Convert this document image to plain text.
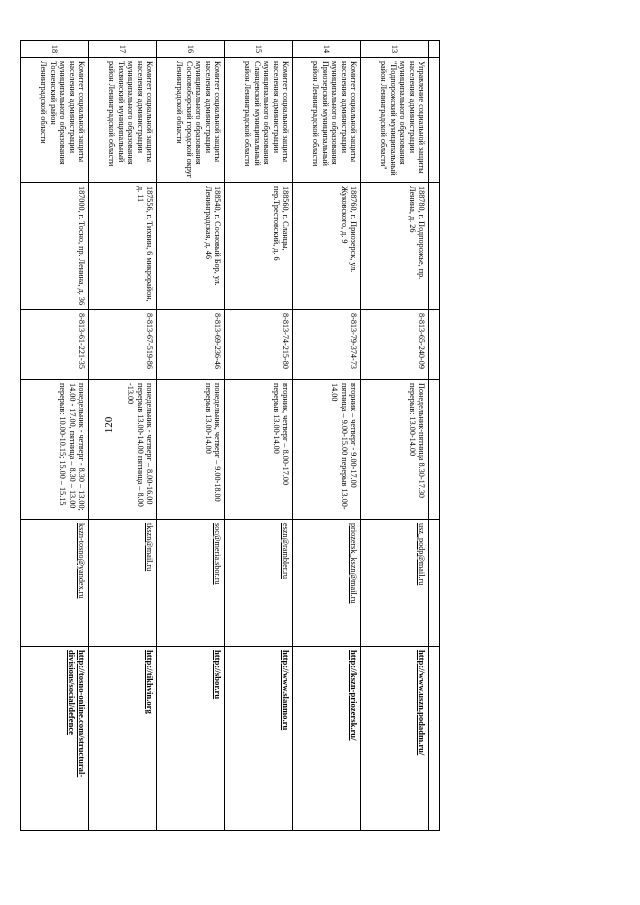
120

13	Управление социальной защиты населения администрации муниципального образования "Подпорожский муниципальный район Ленинградской области"	188780, г. Подпорожье, пр. Ленина, д. 26	8-813-65-240-09	Понедельник-пятница 8.30-17.30 перерыв: 13.00-14.00	usz_podp@mail.ru	http://www.uszn.podadm.ru/
14	Комитет социальной защиты населения администрации муниципального образования Приозерский муниципальный район Ленинградской области	188760, г. Приозерск, ул. Жуковского, д. 9	8-813-79-374-73	вторник – четверг - 9.00-17.00 пятница – 9.00-15.00 перерыв 13.00-14.00	priozersk_kszn@mail.ru	http://kszn-priozersk.ru/
15	Комитет социальной защиты населения администрации муниципального образования Сланцевский муниципальный район Ленинградской области	188560, г. Сланцы, пер.Трестовский, д. 6	8-813-74-215-80	вторник, четверг – 8.00-17.00 перерыв 13.00-14.00	eszn@rambler.ru	http://www.slanmo.ru
16	Комитет социальной защиты населения администрации муниципального образования Сосновоборский городской округ Ленинградской области	188540, г. Сосновый Бор, ул. Ленинградская, д. 46	8-813-69-236-46	понедельник, четверг – 9.00-18.00 перерыв 13.00-14.00	soc@meria.sbor.ru	http://sbor.ru
17	Комитет социальной защиты населения администрации муниципального образования Тихвинский муниципальный район Ленинградской области	187556, г. Тихвин, 6 микрорайон, д. 11	8-813-67-519-86	понедельник - четверг – 8.00-16.00 перерыв 13.00-14.00 пятница – 8.00 -13.00	tkszn@mail.ru	http://tikhvin.org
18	Комитет социальной защиты населения администрации муниципального образования Тосненский район Ленинградской области	187000, г. Тосно, пр. Ленина, д. 36	8-813-61-221-35	понедельник - четверг - 8.30 – 13.00; 14.00 - 17.00, пятница – 8.30 – 13.00 перерыв: 10.00-10.15; 15.00 – 15.15	kszn-tosno@yandex.ru	http://tosno-online.com/structural-divisions/social/defence
